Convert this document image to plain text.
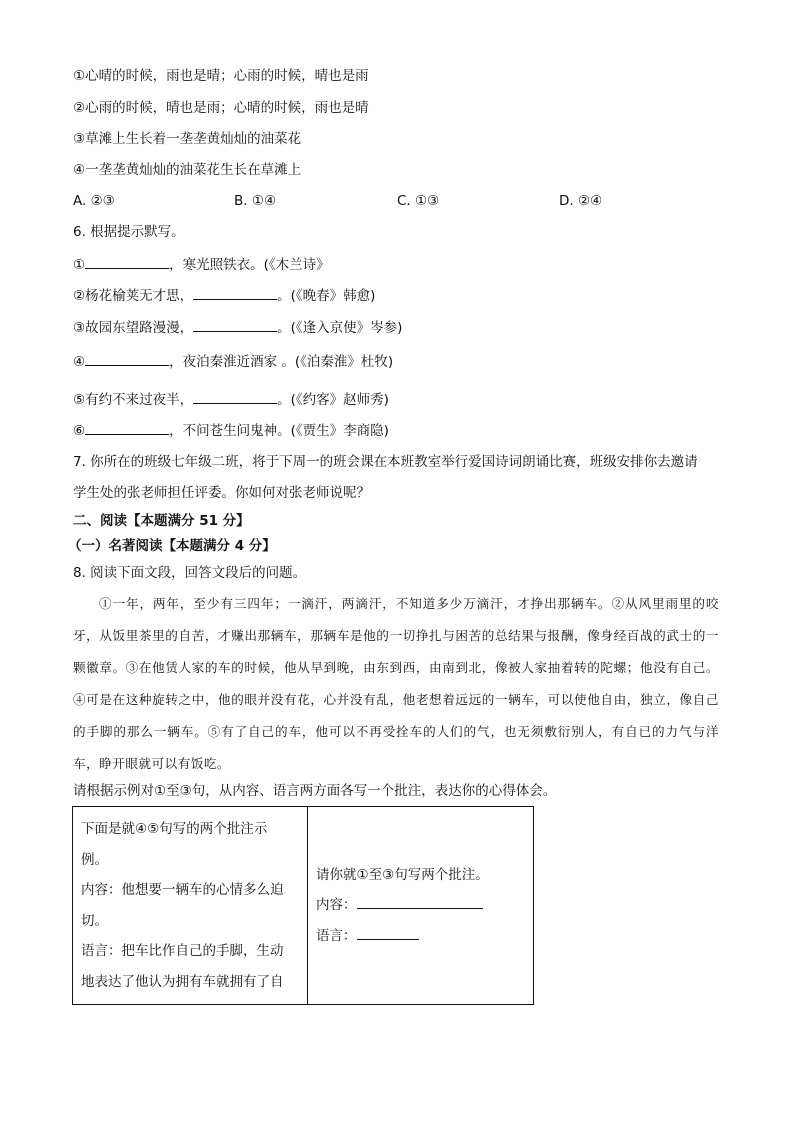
①心晴的时候，雨也是晴；心雨的时候，晴也是雨
②心雨的时候，晴也是雨；心晴的时候，雨也是晴
③草滩上生长着一垄垄黄灿灿的油菜花
④一垄垄黄灿灿的油菜花生长在草滩上
A. ②③	B. ①④	C. ①③	D. ②④
6. 根据提示默写。
①	，寒光照铁衣。(《木兰诗》
②杨花榆荚无才思，	。(《晚春》韩愈)
③故园东望路漫漫，	。(《逢入京使》岑参)
④	，夜泊秦淮近酒家 。(《泊秦淮》杜牧)
⑤有约不来过夜半，	。(《约客》赵师秀)
⑥	，不问苍生问鬼神。(《贾生》李商隐)
7. 你所在的班级七年级二班，将于下周一的班会课在本班教室举行爱国诗词朗诵比赛，班级安排你去邀请
学生处的张老师担任评委。你如何对张老师说呢？
二、阅读【本题满分 51 分】
（一）名著阅读【本题满分 4 分】
8. 阅读下面文段，回答文段后的问题。
①一年，两年，至少有三四年；一滴汗，两滴汗，不知道多少万滴汗，才挣出那辆车。②从风里雨里的咬牙，从饭里茶里的自苦，才赚出那辆车，那辆车是他的一切挣扎与困苦的总结果与报酬，像身经百战的武士的一颗徽章。③在他赁人家的车的时候，他从早到晚，由东到西，由南到北，像被人家抽着转的陀螺；他没有自己。④可是在这种旋转之中，他的眼并没有花，心并没有乱，他老想着远远的一辆车，可以使他自由，独立，像自己的手脚的那么一辆车。⑤有了自己的车，他可以不再受拴车的人们的气，也无须敷衍别人，有自已的力气与洋车，睁开眼就可以有饭吃。
请根据示例对①至③句，从内容、语言两方面各写一个批注，表达你的心得体会。
下面是就④⑤句写的两个批注示
例。
内容：他想要一辆车的心情多么迫
切。
语言：把车比作自己的手脚，生动
地表达了他认为拥有车就拥有了自

请你就①至③句写两个批注。
内容：
语言：
